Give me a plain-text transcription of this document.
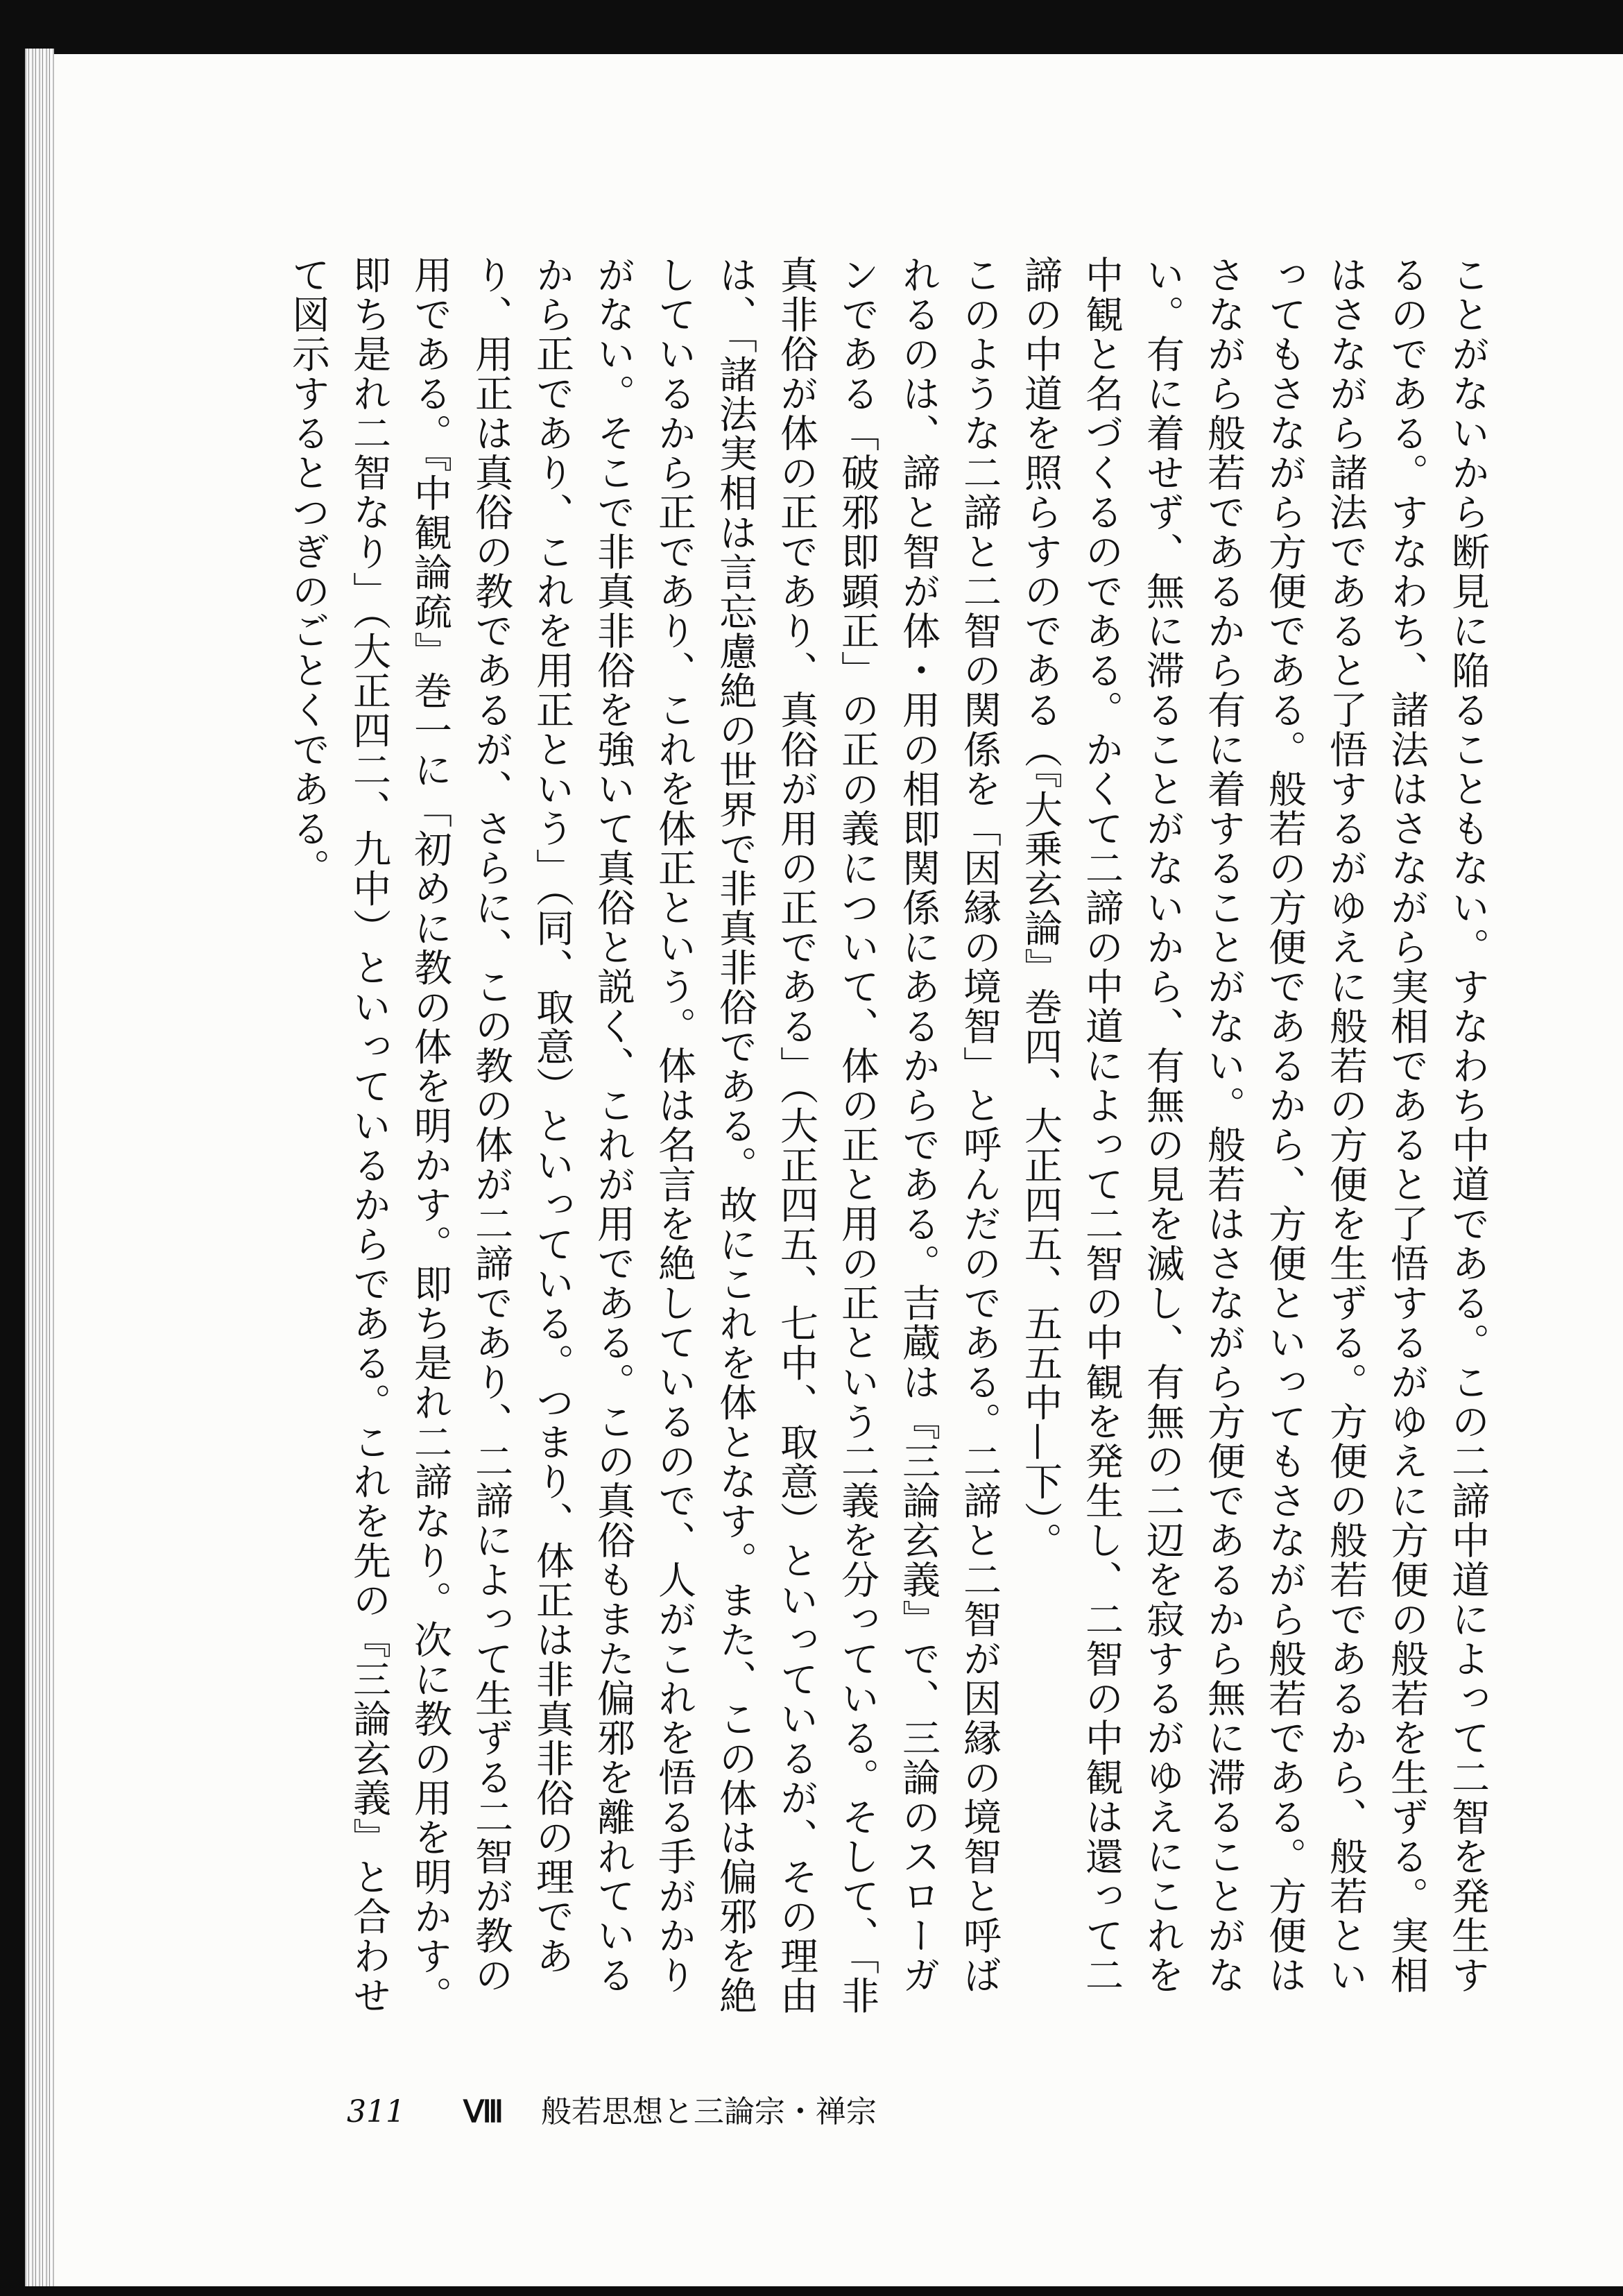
ことがないから断見に陥ることもない。すなわち中道である。この二諦中道によって二智を発生するのである。すなわち、諸法はさながら実相であると了悟するがゆえに方便の般若を生ずる。実相はさながら諸法であると了悟するがゆえに般若の方便を生ずる。方便の般若であるから、般若といってもさながら方便である。般若の方便であるから、方便といってもさながら般若である。方便はさながら般若であるから有に着することがない。般若はさながら方便であるから無に滞ることがない。有に着せず、無に滞ることがないから、有無の見を滅し、有無の二辺を寂するがゆえにこれを中観と名づくるのである。かくて二諦の中道によって二智の中観を発生し、二智の中観は還って二諦の中道を照らすのである（『大乗玄論』巻四、大正四五、五五中—下）。

このような二諦と二智の関係を「因縁の境智」と呼んだのである。二諦と二智が因縁の境智と呼ばれるのは、諦と智が体・用の相即関係にあるからである。吉蔵は『三論玄義』で、三論のスローガンである「破邪即顕正」の正の義について、体の正と用の正という二義を分っている。そして、「非真非俗が体の正であり、真俗が用の正である」（大正四五、七中、取意）といっているが、その理由は、「諸法実相は言忘慮絶の世界で非真非俗である。故にこれを体となす。また、この体は偏邪を絶しているから正であり、これを体正という。体は名言を絶しているので、人がこれを悟る手がかりがない。そこで非真非俗を強いて真俗と説く、これが用である。この真俗もまた偏邪を離れているから正であり、これを用正という」（同、取意）といっている。つまり、体正は非真非俗の理であり、用正は真俗の教であるが、さらに、この教の体が二諦であり、二諦によって生ずる二智が教の用である。『中観論疏』巻一に「初めに教の体を明かす。即ち是れ二諦なり。次に教の用を明かす。即ち是れ二智なり」（大正四二、九中）といっているからである。これを先の『三論玄義』と合わせて図示するとつぎのごとくである。

311 Ⅷ 般若思想と三論宗・禅宗
